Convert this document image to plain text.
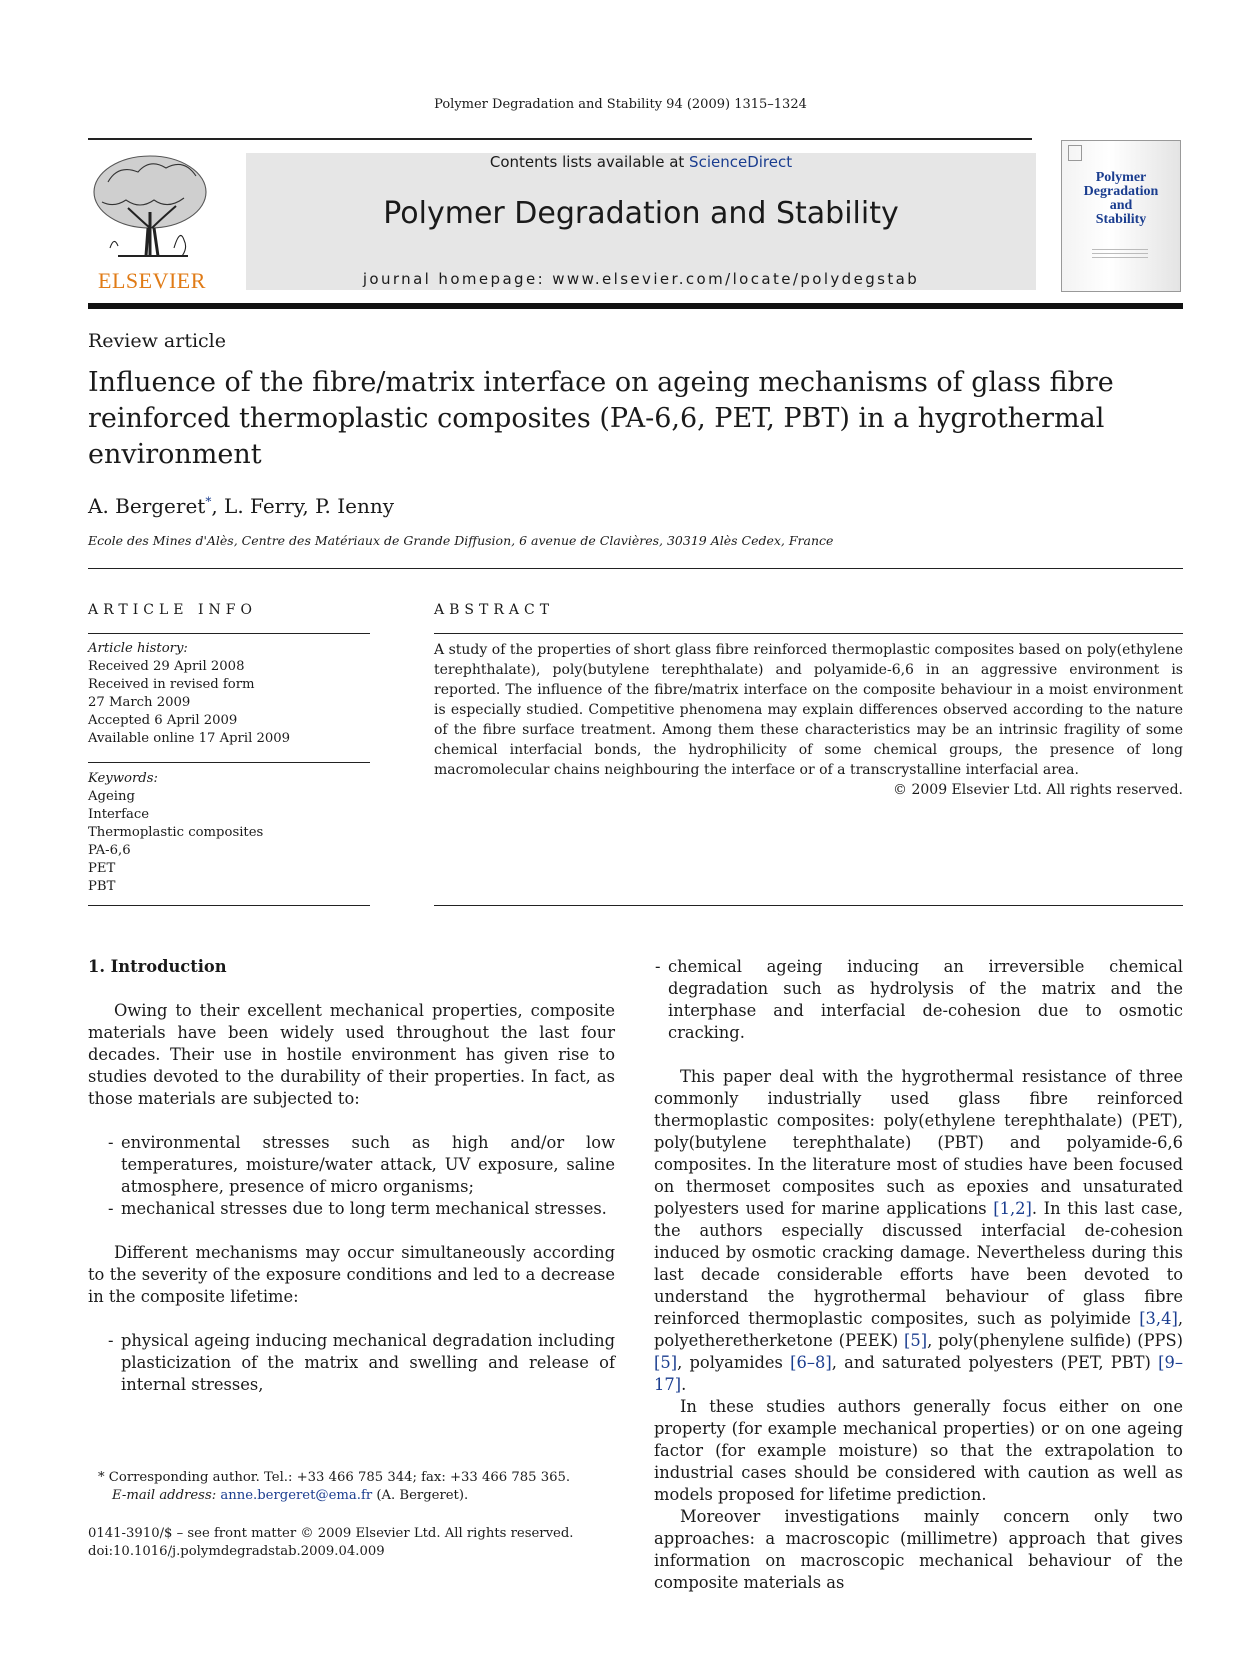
Polymer Degradation and Stability 94 (2009) 1315–1324
ELSEVIER
Contents lists available at ScienceDirect
Polymer Degradation and Stability
journal homepage: www.elsevier.com/locate/polydegstab
Polymer
Degradation
and
Stability
Review article
Influence of the fibre/matrix interface on ageing mechanisms of glass fibre reinforced thermoplastic composites (PA-6,6, PET, PBT) in a hygrothermal environment
A. Bergeret*, L. Ferry, P. Ienny
Ecole des Mines d'Alès, Centre des Matériaux de Grande Diffusion, 6 avenue de Clavières, 30319 Alès Cedex, France
ARTICLE INFO
Article history:
Received 29 April 2008
Received in revised form
27 March 2009
Accepted 6 April 2009
Available online 17 April 2009
Keywords:
Ageing
Interface
Thermoplastic composites
PA-6,6
PET
PBT
ABSTRACT
A study of the properties of short glass fibre reinforced thermoplastic composites based on poly(ethylene terephthalate), poly(butylene terephthalate) and polyamide-6,6 in an aggressive environment is reported. The influence of the fibre/matrix interface on the composite behaviour in a moist environment is especially studied. Competitive phenomena may explain differences observed according to the nature of the fibre surface treatment. Among them these characteristics may be an intrinsic fragility of some chemical interfacial bonds, the hydrophilicity of some chemical groups, the presence of long macromolecular chains neighbouring the interface or of a transcrystalline interfacial area.
© 2009 Elsevier Ltd. All rights reserved.

1. Introduction

Owing to their excellent mechanical properties, composite materials have been widely used throughout the last four decades. Their use in hostile environment has given rise to studies devoted to the durability of their properties. In fact, as those materials are subjected to:

- environmental stresses such as high and/or low temperatures, moisture/water attack, UV exposure, saline atmosphere, presence of micro organisms;
- mechanical stresses due to long term mechanical stresses.

Different mechanisms may occur simultaneously according to the severity of the exposure conditions and led to a decrease in the composite lifetime:

- physical ageing inducing mechanical degradation including plasticization of the matrix and swelling and release of internal stresses,
- chemical ageing inducing an irreversible chemical degradation such as hydrolysis of the matrix and the interphase and interfacial de-cohesion due to osmotic cracking.

This paper deal with the hygrothermal resistance of three commonly industrially used glass fibre reinforced thermoplastic composites: poly(ethylene terephthalate) (PET), poly(butylene terephthalate) (PBT) and polyamide-6,6 composites. In the literature most of studies have been focused on thermoset composites such as epoxies and unsaturated polyesters used for marine applications [1,2]. In this last case, the authors especially discussed interfacial de-cohesion induced by osmotic cracking damage. Nevertheless during this last decade considerable efforts have been devoted to understand the hygrothermal behaviour of glass fibre reinforced thermoplastic composites, such as polyimide [3,4], polyetheretherketone (PEEK) [5], poly(phenylene sulfide) (PPS) [5], polyamides [6–8], and saturated polyesters (PET, PBT) [9–17].

In these studies authors generally focus either on one property (for example mechanical properties) or on one ageing factor (for example moisture) so that the extrapolation to industrial cases should be considered with caution as well as models proposed for lifetime prediction.

Moreover investigations mainly concern only two approaches: a macroscopic (millimetre) approach that gives information on macroscopic mechanical behaviour of the composite materials as

* Corresponding author. Tel.: +33 466 785 344; fax: +33 466 785 365.
E-mail address: anne.bergeret@ema.fr (A. Bergeret).
0141-3910/$ – see front matter © 2009 Elsevier Ltd. All rights reserved.
doi:10.1016/j.polymdegradstab.2009.04.009
